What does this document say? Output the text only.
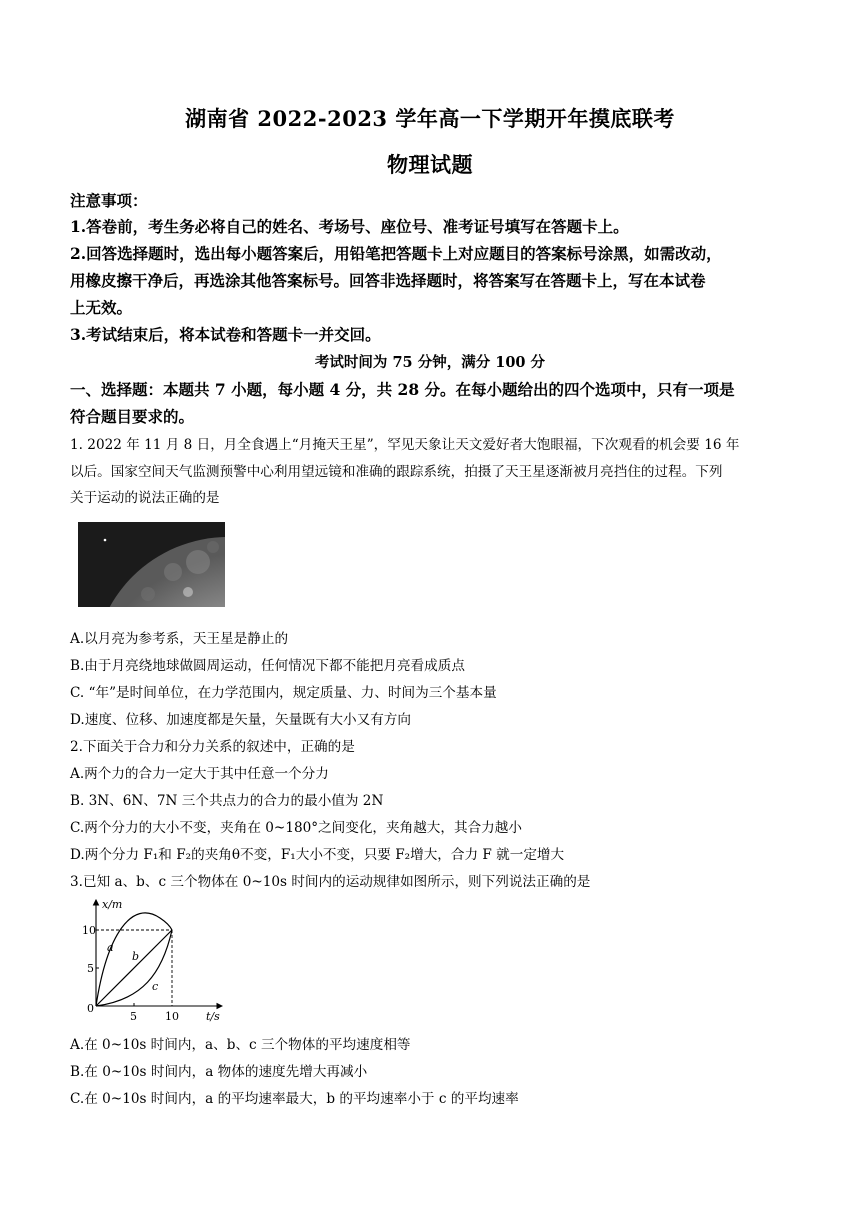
湖南省 2022-2023 学年高一下学期开年摸底联考
物理试题
注意事项：
1.答卷前，考生务必将自己的姓名、考场号、座位号、准考证号填写在答题卡上。
2.回答选择题时，选出每小题答案后，用铅笔把答题卡上对应题目的答案标号涂黑，如需改动，
用橡皮擦干净后，再选涂其他答案标号。回答非选择题时，将答案写在答题卡上，写在本试卷
上无效。
3.考试结束后，将本试卷和答题卡一并交回。
考试时间为 75 分钟，满分 100 分
一、选择题：本题共 7 小题，每小题 4 分，共 28 分。在每小题给出的四个选项中，只有一项是
符合题目要求的。
1. 2022 年 11 月 8 日，月全食遇上“月掩天王星”，罕见天象让天文爱好者大饱眼福，下次观看的机会要 16 年
以后。国家空间天气监测预警中心利用望远镜和准确的跟踪系统，拍摄了天王星逐渐被月亮挡住的过程。下列
关于运动的说法正确的是
A.以月亮为参考系，天王星是静止的
B.由于月亮绕地球做圆周运动，任何情况下都不能把月亮看成质点
C. “年”是时间单位，在力学范围内，规定质量、力、时间为三个基本量
D.速度、位移、加速度都是矢量，矢量既有大小又有方向
2.下面关于合力和分力关系的叙述中，正确的是
A.两个力的合力一定大于其中任意一个分力
B. 3N、6N、7N 三个共点力的合力的最小值为 2N
C.两个分力的大小不变，夹角在 0~180°之间变化，夹角越大，其合力越小
D.两个分力 F₁和 F₂的夹角θ不变，F₁大小不变，只要 F₂增大，合力 F 就一定增大
3.已知 a、b、c 三个物体在 0~10s 时间内的运动规律如图所示，则下列说法正确的是
x/m
t/s
10
5
5	10
0
a
b
c
A.在 0~10s 时间内，a、b、c 三个物体的平均速度相等
B.在 0~10s 时间内，a 物体的速度先增大再减小
C.在 0~10s 时间内，a 的平均速率最大，b 的平均速率小于 c 的平均速率
